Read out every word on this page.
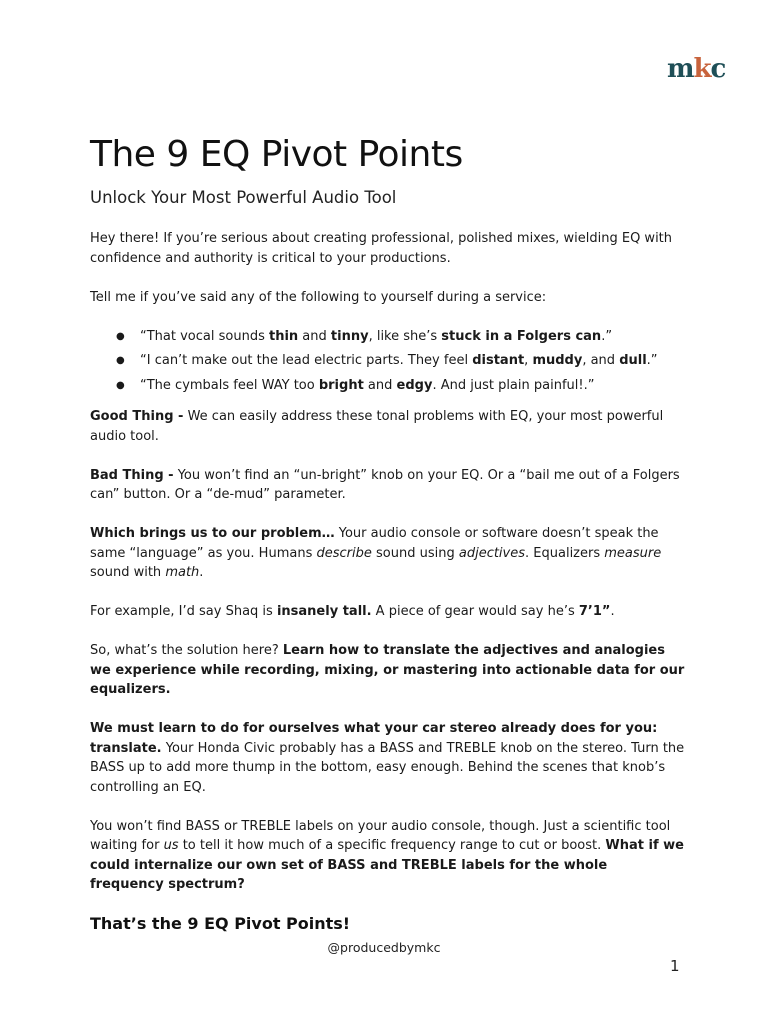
mkc
The 9 EQ Pivot Points

Unlock Your Most Powerful Audio Tool

Hey there! If you’re serious about creating professional, polished mixes, wielding EQ with confidence and authority is critical to your productions.

Tell me if you’ve said any of the following to yourself during a service:

● “That vocal sounds thin and tinny, like she’s stuck in a Folgers can.”
● “I can’t make out the lead electric parts. They feel distant, muddy, and dull.”
● “The cymbals feel WAY too bright and edgy. And just plain painful!.”

Good Thing - We can easily address these tonal problems with EQ, your most powerful audio tool.

Bad Thing - You won’t find an “un-bright” knob on your EQ. Or a “bail me out of a Folgers can” button. Or a “de-mud” parameter.

Which brings us to our problem… Your audio console or software doesn’t speak the same “language” as you. Humans describe sound using adjectives. Equalizers measure sound with math.

For example, I’d say Shaq is insanely tall. A piece of gear would say he’s 7’1”.

So, what’s the solution here? Learn how to translate the adjectives and analogies we experience while recording, mixing, or mastering into actionable data for our equalizers.

We must learn to do for ourselves what your car stereo already does for you: translate. Your Honda Civic probably has a BASS and TREBLE knob on the stereo. Turn the BASS up to add more thump in the bottom, easy enough. Behind the scenes that knob’s controlling an EQ.

You won’t find BASS or TREBLE labels on your audio console, though. Just a scientific tool waiting for us to tell it how much of a specific frequency range to cut or boost. What if we could internalize our own set of BASS and TREBLE labels for the whole frequency spectrum?

That’s the 9 EQ Pivot Points!
@producedbymkc
1
